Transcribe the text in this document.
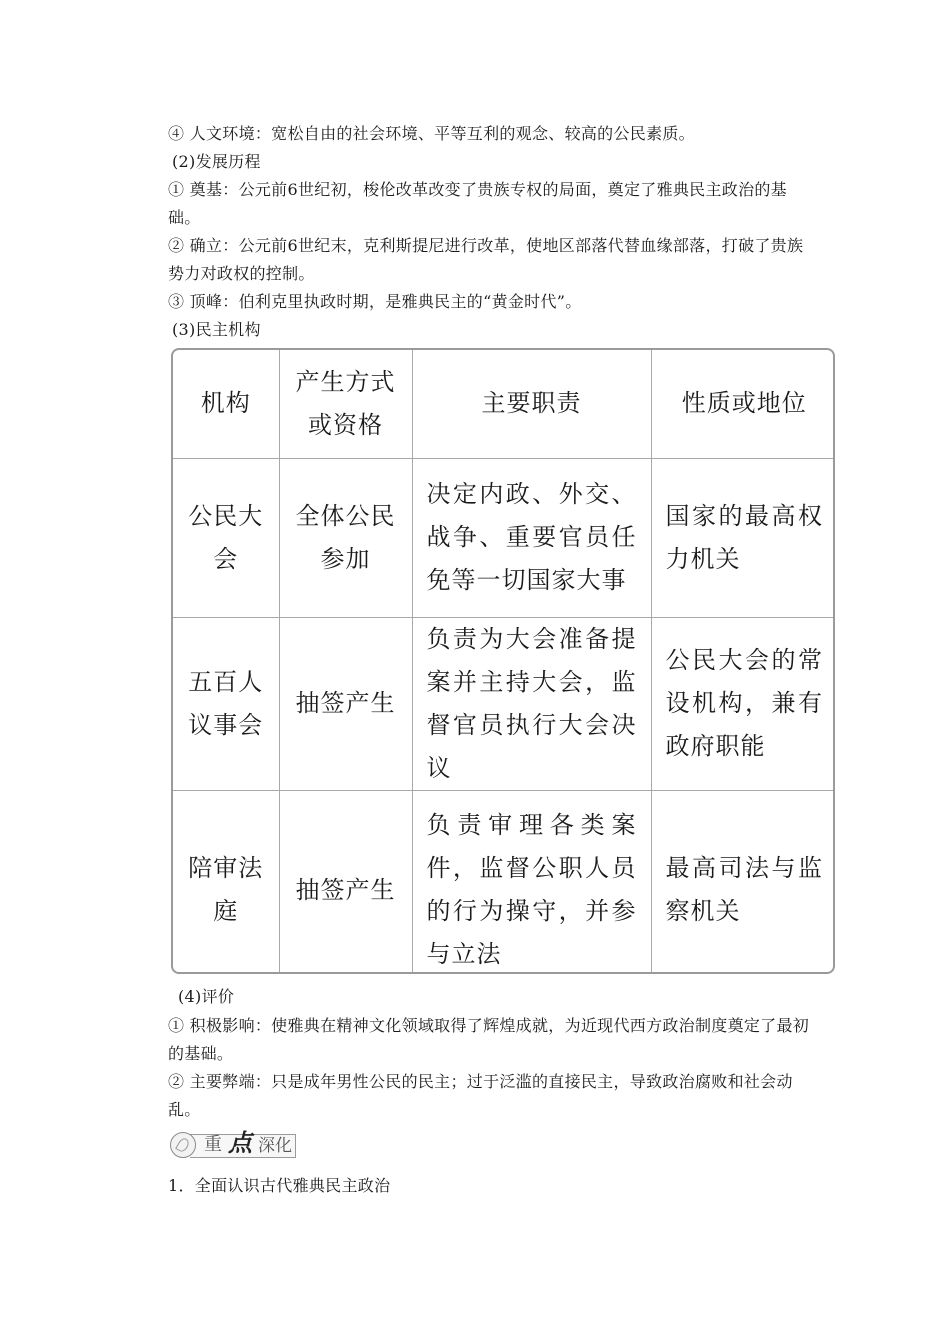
④ 人文环境：宽松自由的社会环境、平等互利的观念、较高的公民素质。

(2)发展历程

① 奠基：公元前6世纪初，梭伦改革改变了贵族专权的局面，奠定了雅典民主政治的基础。

② 确立：公元前6世纪末，克利斯提尼进行改革，使地区部落代替血缘部落，打破了贵族势力对政权的控制。

③ 顶峰：伯利克里执政时期，是雅典民主的“黄金时代”。

(3)民主机构

机构	产生方式或资格	主要职责	性质或地位
公民大会	全体公民参加	决定内政、外交、战争、重要官员任免等一切国家大事	国家的最高权力机关
五百人议事会	抽签产生	负责为大会准备提案并主持大会，监督官员执行大会决议	公民大会的常设机构，兼有政府职能
陪审法庭	抽签产生	负责审理各类案件，监督公职人员的行为操守，并参与立法	最高司法与监察机关

(4)评价

① 积极影响：使雅典在精神文化领域取得了辉煌成就，为近现代西方政治制度奠定了最初的基础。

② 主要弊端：只是成年男性公民的民主；过于泛滥的直接民主，导致政治腐败和社会动乱。

重 点 深化

1．全面认识古代雅典民主政治
